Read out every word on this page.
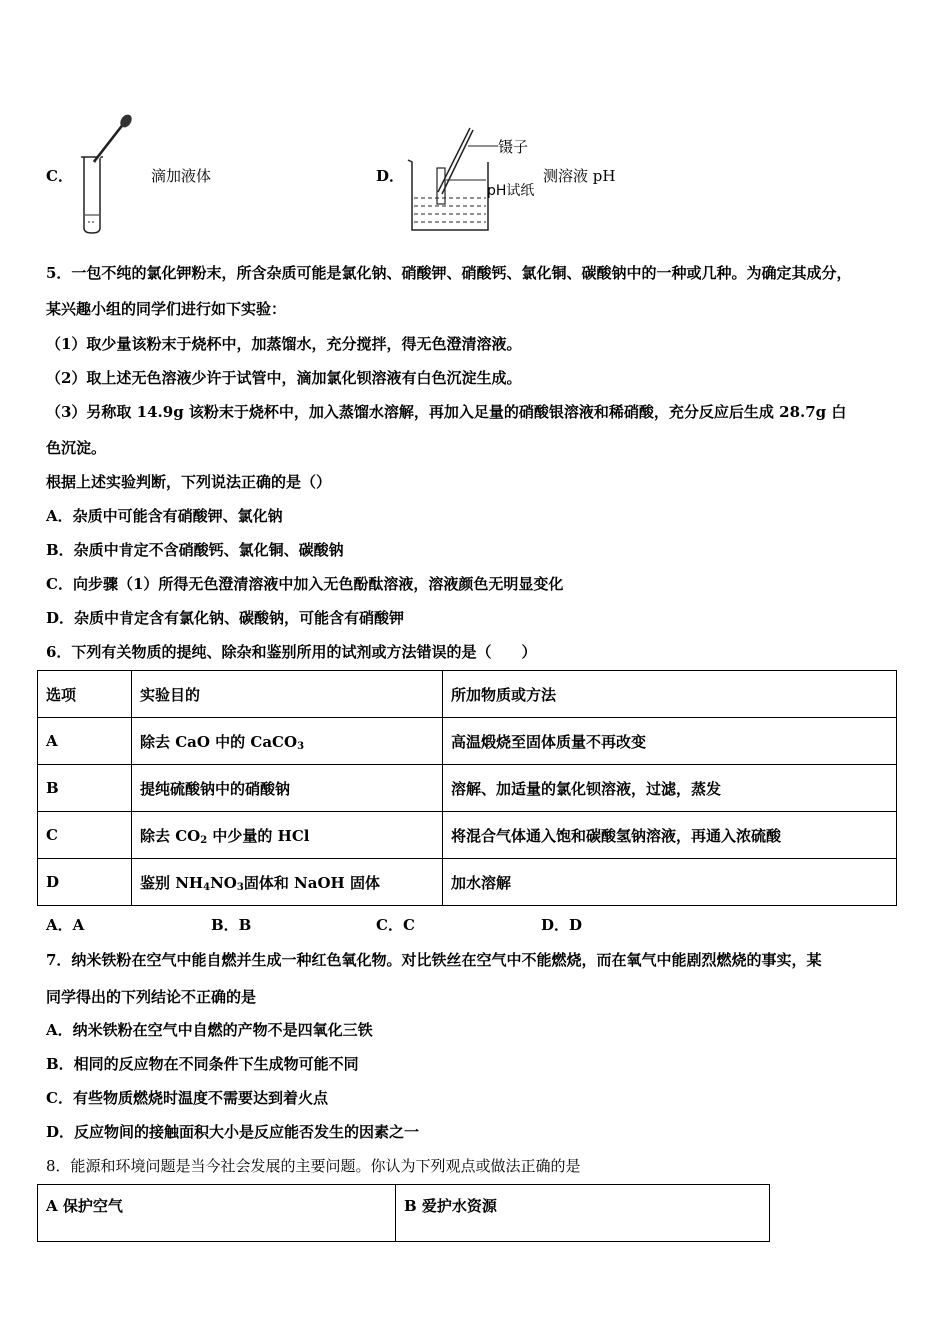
C．	滴加液体	D．
镊子
pH试纸
测溶液 pH
5．一包不纯的氯化钾粉末，所含杂质可能是氯化钠、硝酸钾、硝酸钙、氯化铜、碳酸钠中的一种或几种。为确定其成分，
某兴趣小组的同学们进行如下实验：
（1）取少量该粉末于烧杯中，加蒸馏水，充分搅拌，得无色澄清溶液。
（2）取上述无色溶液少许于试管中，滴加氯化钡溶液有白色沉淀生成。
（3）另称取 14.9g 该粉末于烧杯中，加入蒸馏水溶解，再加入足量的硝酸银溶液和稀硝酸，充分反应后生成 28.7g 白
色沉淀。
根据上述实验判断，下列说法正确的是（）
A．杂质中可能含有硝酸钾、氯化钠
B．杂质中肯定不含硝酸钙、氯化铜、碳酸钠
C．向步骤（1）所得无色澄清溶液中加入无色酚酞溶液，溶液颜色无明显变化
D．杂质中肯定含有氯化钠、碳酸钠，可能含有硝酸钾
6．下列有关物质的提纯、除杂和鉴别所用的试剂或方法错误的是（　　）
选项	实验目的	所加物质或方法
A	除去 CaO 中的 CaCO$_3$	高温煅烧至固体质量不再改变
B	提纯硫酸钠中的硝酸钠	溶解、加适量的氯化钡溶液，过滤，蒸发
C	除去 $CO_2$ 中少量的 HCl	将混合气体通入饱和碳酸氢钠溶液，再通入浓硫酸
D	鉴别 $NH_4NO_3$固体和 NaOH 固体	加水溶解
A．A	B．B	C．C	D．D
7．纳米铁粉在空气中能自燃并生成一种红色氧化物。对比铁丝在空气中不能燃烧，而在氧气中能剧烈燃烧的事实，某
同学得出的下列结论不正确的是
A．纳米铁粉在空气中自燃的产物不是四氧化三铁
B．相同的反应物在不同条件下生成物可能不同
C．有些物质燃烧时温度不需要达到着火点
D．反应物间的接触面积大小是反应能否发生的因素之一
8．能源和环境问题是当今社会发展的主要问题。你认为下列观点或做法正确的是
A 保护空气	B 爱护水资源
